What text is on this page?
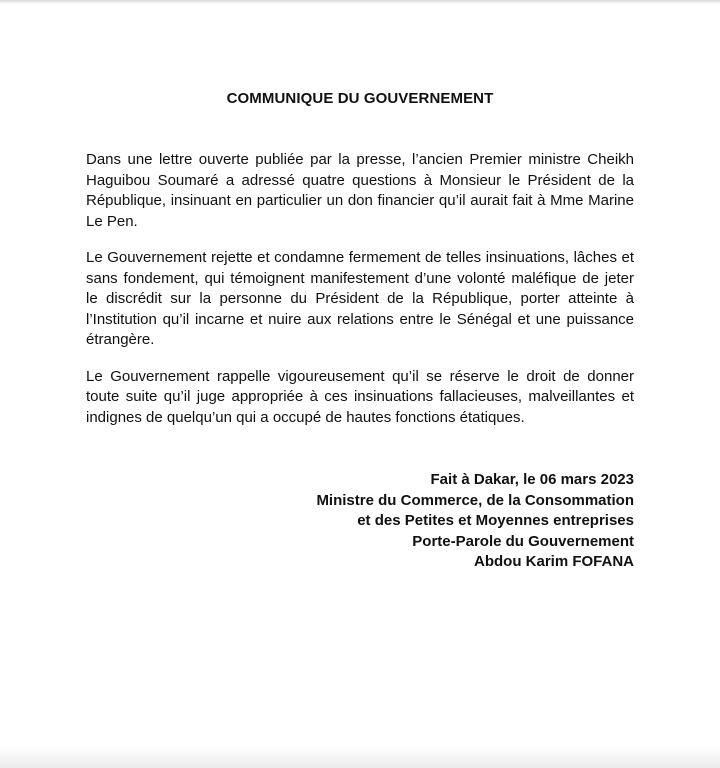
COMMUNIQUE DU GOUVERNEMENT

Dans une lettre ouverte publiée par la presse, l’ancien Premier ministre Cheikh Haguibou Soumaré a adressé quatre questions à Monsieur le Président de la République, insinuant en particulier un don financier qu’il aurait fait à Mme Marine Le Pen.

Le Gouvernement rejette et condamne fermement de telles insinuations, lâches et sans fondement, qui témoignent manifestement d’une volonté maléfique de jeter le discrédit sur la personne du Président de la République, porter atteinte à l’Institution qu’il incarne et nuire aux relations entre le Sénégal et une puissance étrangère.

Le Gouvernement rappelle vigoureusement qu’il se réserve le droit de donner toute suite qu’il juge appropriée à ces insinuations fallacieuses, malveillantes et indignes de quelqu’un qui a occupé de hautes fonctions étatiques.

Fait à Dakar, le 06 mars 2023
Ministre du Commerce, de la Consommation
et des Petites et Moyennes entreprises
Porte-Parole du Gouvernement
Abdou Karim FOFANA
